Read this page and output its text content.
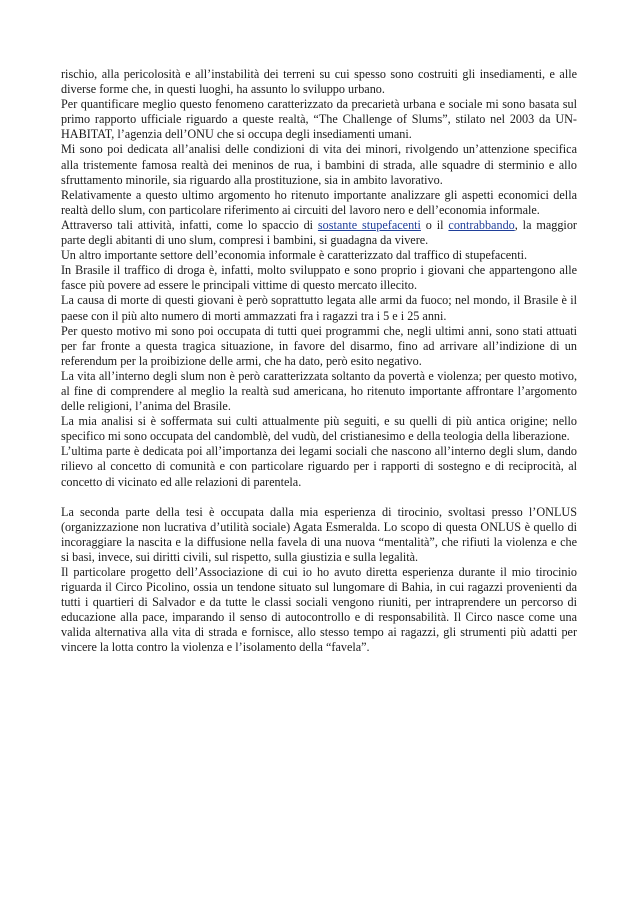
rischio, alla pericolosità e all’instabilità dei terreni su cui spesso sono costruiti gli insediamenti, e alle diverse forme che, in questi luoghi, ha assunto lo sviluppo urbano.

Per quantificare meglio questo fenomeno caratterizzato da precarietà urbana e sociale mi sono basata sul primo rapporto ufficiale riguardo a queste realtà, “The Challenge of Slums”, stilato nel 2003 da UN-HABITAT, l’agenzia dell’ONU che si occupa degli insediamenti umani.

Mi sono poi dedicata all’analisi delle condizioni di vita dei minori, rivolgendo un’attenzione specifica alla tristemente famosa realtà dei meninos de rua, i bambini di strada, alle squadre di sterminio e allo sfruttamento minorile, sia riguardo alla prostituzione, sia in ambito lavorativo.

Relativamente a questo ultimo argomento ho ritenuto importante analizzare gli aspetti economici della realtà dello slum, con particolare riferimento ai circuiti del lavoro nero e dell’economia informale.

Attraverso tali attività, infatti, come lo spaccio di sostante stupefacenti o il contrabbando, la maggior parte degli abitanti di uno slum, compresi i bambini, si guadagna da vivere.

Un altro importante settore dell’economia informale è caratterizzato dal traffico di stupefacenti.

In Brasile il traffico di droga è, infatti, molto sviluppato e sono proprio i giovani che appartengono alle fasce più povere ad essere le principali vittime di questo mercato illecito.

La causa di morte di questi giovani è però soprattutto legata alle armi da fuoco; nel mondo, il Brasile è il paese con il più alto numero di morti ammazzati fra i ragazzi tra i 5 e i 25 anni.

Per questo motivo mi sono poi occupata di tutti quei programmi che, negli ultimi anni, sono stati attuati per far fronte a questa tragica situazione, in favore del disarmo, fino ad arrivare all’indizione di un referendum per la proibizione delle armi, che ha dato, però esito negativo.

La vita all’interno degli slum non è però caratterizzata soltanto da povertà e violenza; per questo motivo, al fine di comprendere al meglio la realtà sud americana, ho ritenuto importante affrontare l’argomento delle religioni, l’anima del Brasile.

La mia analisi si è soffermata sui culti attualmente più seguiti, e su quelli di più antica origine; nello specifico mi sono occupata del candomblè, del vudù, del cristianesimo e della teologia della liberazione.

L’ultima parte è dedicata poi all’importanza dei legami sociali che nascono all’interno degli slum, dando rilievo al concetto di comunità e con particolare riguardo per i rapporti di sostegno e di reciprocità, al concetto di vicinato ed alle relazioni di parentela.

La seconda parte della tesi è occupata dalla mia esperienza di tirocinio, svoltasi presso l’ONLUS (organizzazione non lucrativa d’utilità sociale) Agata Esmeralda. Lo scopo di questa ONLUS è quello di incoraggiare la nascita e la diffusione nella favela di una nuova “mentalità”, che rifiuti la violenza e che si basi, invece, sui diritti civili, sul rispetto, sulla giustizia e sulla legalità.

Il particolare progetto dell’Associazione di cui io ho avuto diretta esperienza durante il mio tirocinio riguarda il Circo Picolino, ossia un tendone situato sul lungomare di Bahia, in cui ragazzi provenienti da tutti i quartieri di Salvador e da tutte le classi sociali vengono riuniti, per intraprendere un percorso di educazione alla pace, imparando il senso di autocontrollo e di responsabilità. Il Circo nasce come una valida alternativa alla vita di strada e fornisce, allo stesso tempo ai ragazzi, gli strumenti più adatti per vincere la lotta contro la violenza e l’isolamento della “favela”.
